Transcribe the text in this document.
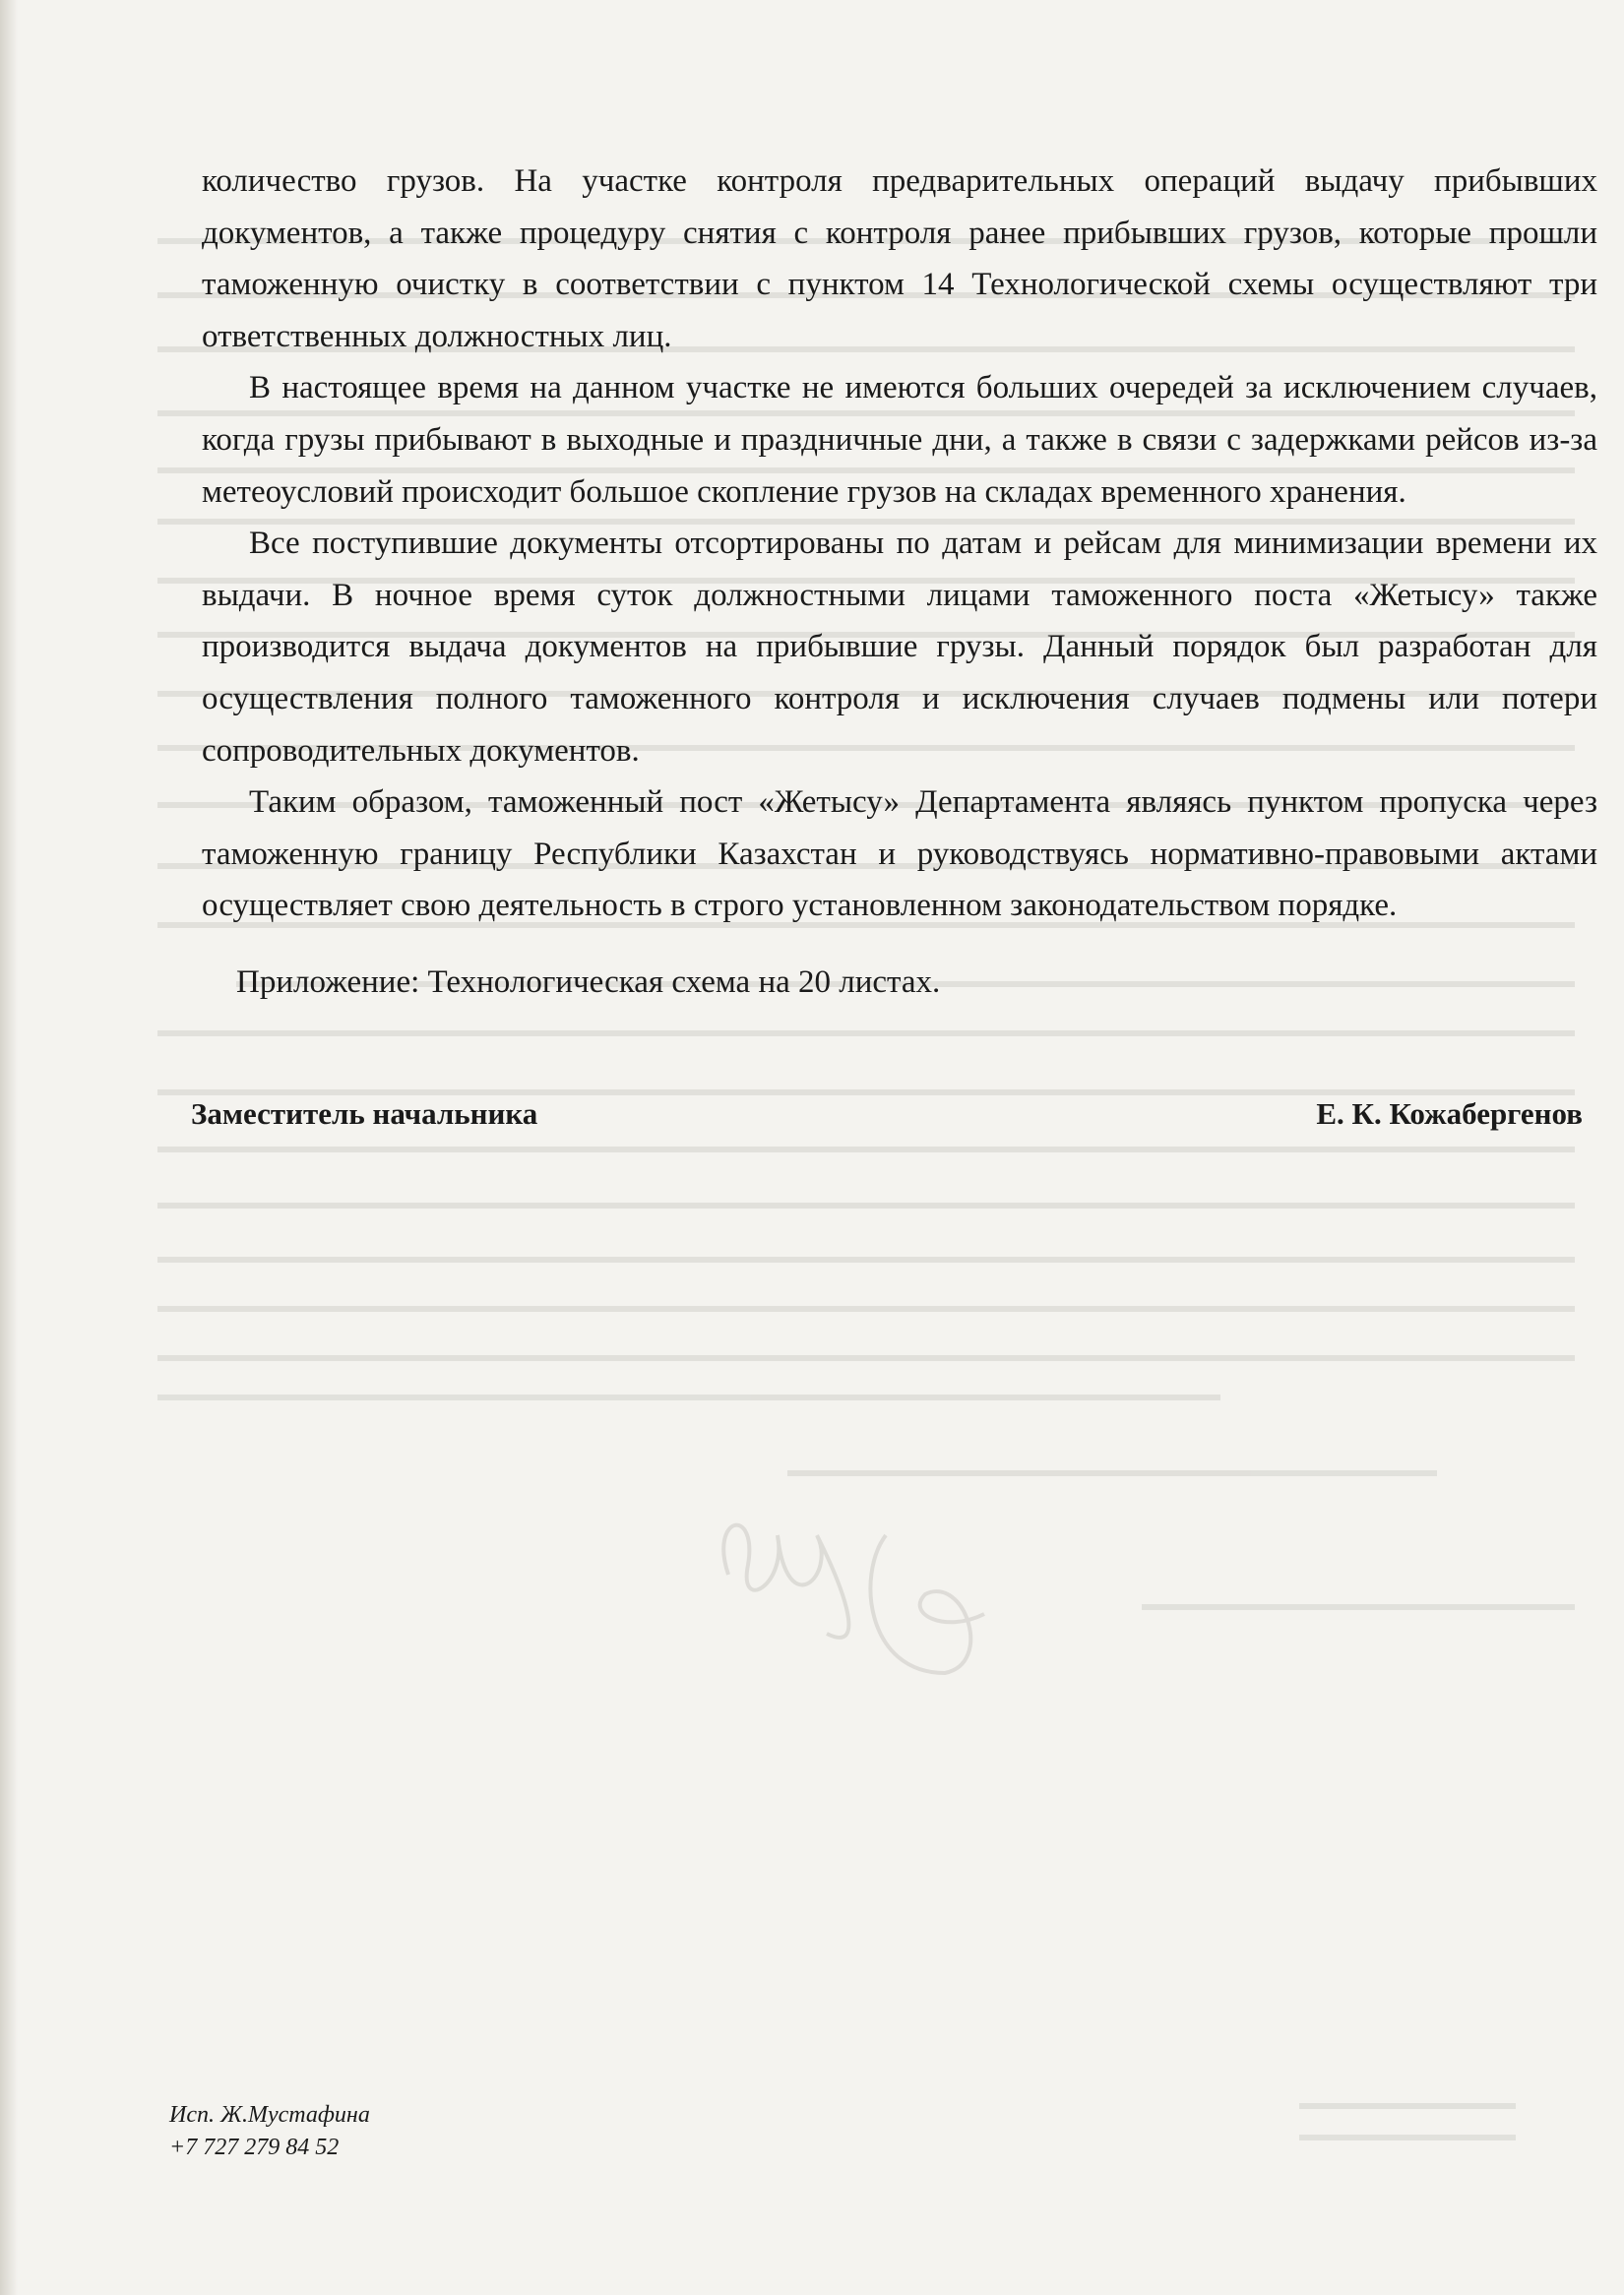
количество грузов. На участке контроля предварительных операций выдачу прибывших документов, а также процедуру снятия с контроля ранее прибывших грузов, которые прошли таможенную очистку в соответствии с пунктом 14 Технологической схемы осуществляют три ответственных должностных лиц.

В настоящее время на данном участке не имеются больших очередей за исключением случаев, когда грузы прибывают в выходные и праздничные дни, а также в связи с задержками рейсов из-за метеоусловий происходит большое скопление грузов на складах временного хранения.

Все поступившие документы отсортированы по датам и рейсам для минимизации времени их выдачи. В ночное время суток должностными лицами таможенного поста «Жетысу» также производится выдача документов на прибывшие грузы. Данный порядок был разработан для осуществления полного таможенного контроля и исключения случаев подмены или потери сопроводительных документов.

Таким образом, таможенный пост «Жетысу» Департамента являясь пунктом пропуска через таможенную границу Республики Казахстан и руководствуясь нормативно-правовыми актами осуществляет свою деятельность в строго установленном законодательством порядке.

Приложение: Технологическая схема на 20 листах.
Заместитель начальника	Е. К. Кожабергенов
Исп. Ж.Мустафина
+7 727 279 84 52
